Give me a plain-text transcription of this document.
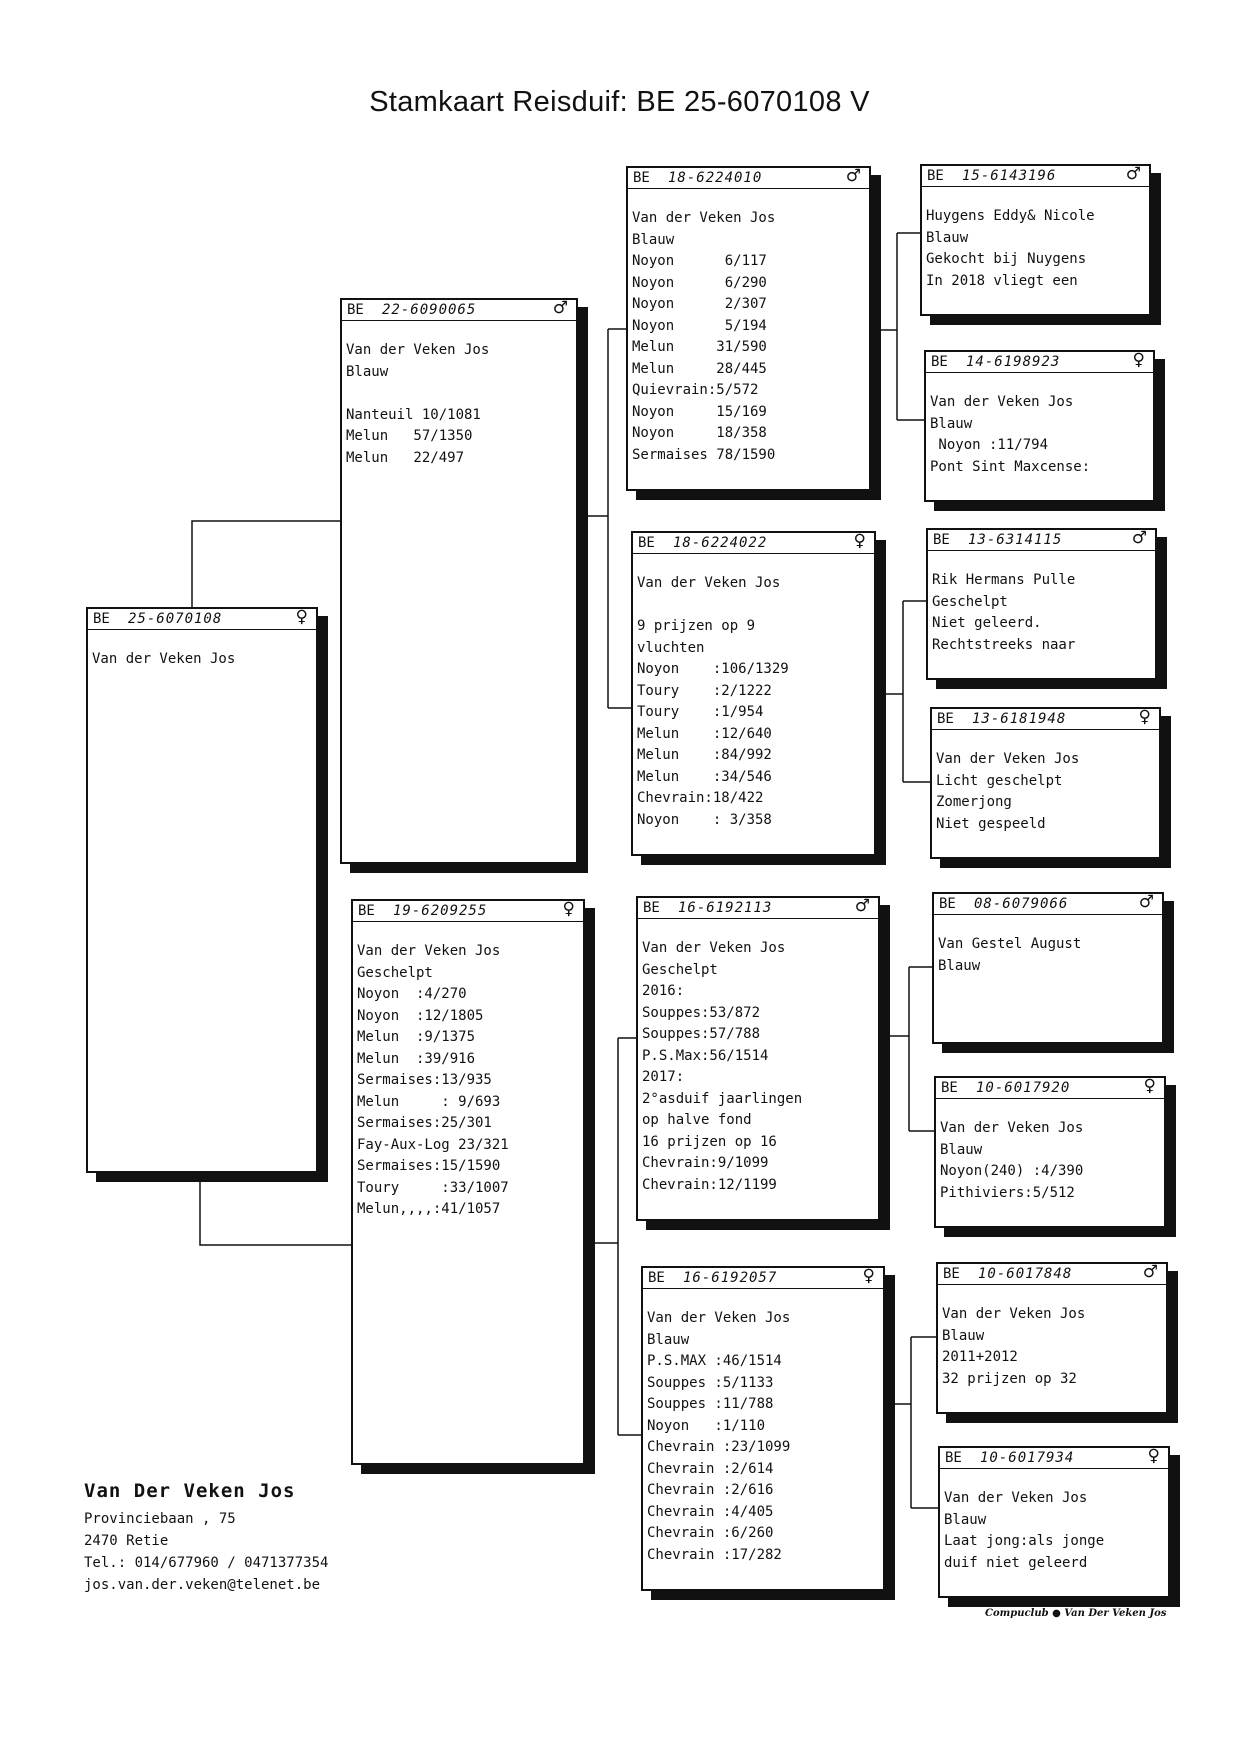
Stamkaart Reisduif: BE 25-6070108 V
BE 25-6070108	♀
Van der Veken Jos
BE 22-6090065	♂
Van der Veken Jos
Blauw
Nanteuil 10/1081
Melun   57/1350
Melun   22/497
BE 19-6209255	♀
Van der Veken Jos
Geschelpt
Noyon  :4/270
Noyon  :12/1805
Melun  :9/1375
Melun  :39/916
Sermaises:13/935
Melun     : 9/693
Sermaises:25/301
Fay-Aux-Log 23/321
Sermaises:15/1590
Toury     :33/1007
Melun,,,,:41/1057
BE 18-6224010	♂
Van der Veken Jos
Blauw
Noyon      6/117
Noyon      6/290
Noyon      2/307
Noyon      5/194
Melun     31/590
Melun     28/445
Quievrain:5/572
Noyon     15/169
Noyon     18/358
Sermaises 78/1590
BE 18-6224022	♀
Van der Veken Jos
9 prijzen op 9
vluchten
Noyon    :106/1329
Toury    :2/1222
Toury    :1/954
Melun    :12/640
Melun    :84/992
Melun    :34/546
Chevrain:18/422
Noyon    : 3/358
BE 16-6192113	♂
Van der Veken Jos
Geschelpt
2016:
Souppes:53/872
Souppes:57/788
P.S.Max:56/1514
2017:
2°asduif jaarlingen
op halve fond
16 prijzen op 16
Chevrain:9/1099
Chevrain:12/1199
BE 16-6192057	♀
Van der Veken Jos
Blauw
P.S.MAX :46/1514
Souppes :5/1133
Souppes :11/788
Noyon   :1/110
Chevrain :23/1099
Chevrain :2/614
Chevrain :2/616
Chevrain :4/405
Chevrain :6/260
Chevrain :17/282
BE 15-6143196	♂
Huygens Eddy& Nicole
Blauw
Gekocht bij Nuygens
In 2018 vliegt een
BE 14-6198923	♀
Van der Veken Jos
Blauw
Noyon :11/794
Pont Sint Maxcense:
BE 13-6314115	♂
Rik Hermans Pulle
Geschelpt
Niet geleerd.
Rechtstreeks naar
BE 13-6181948	♀
Van der Veken Jos
Licht geschelpt
Zomerjong
Niet gespeeld
BE 08-6079066	♂
Van Gestel August
Blauw
BE 10-6017920	♀
Van der Veken Jos
Blauw
Noyon(240) :4/390
Pithiviers:5/512
BE 10-6017848	♂
Van der Veken Jos
Blauw
2011+2012
32 prijzen op 32
BE 10-6017934	♀
Van der Veken Jos
Blauw
Laat jong:als jonge
duif niet geleerd
Van Der Veken Jos
Provinciebaan , 75
2470 Retie
Tel.: 014/677960 / 0471377354
jos.van.der.veken@telenet.be
Compuclub ● Van Der Veken Jos
